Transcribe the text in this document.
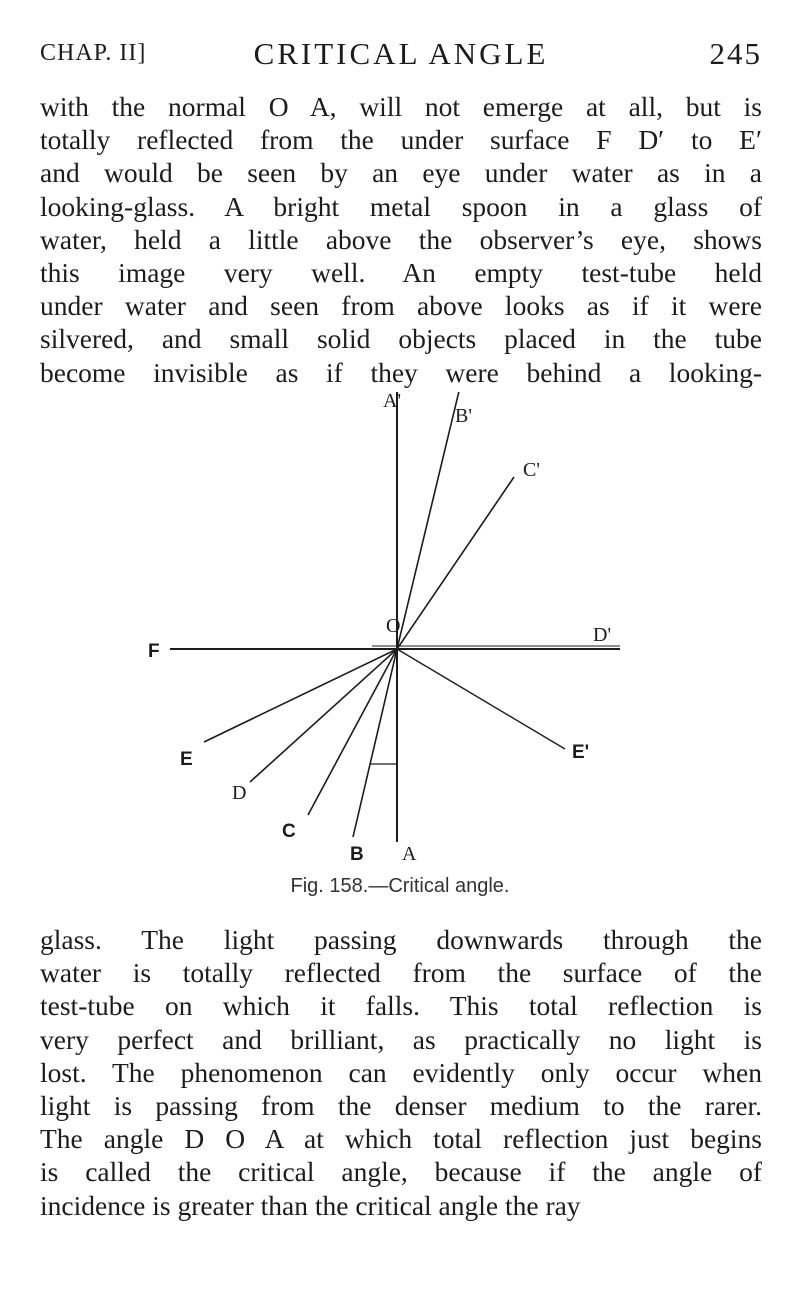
CHAP. II]	CRITICAL ANGLE	245
with the normal O A, will not emerge at all, but is
totally reflected from the under surface F D′ to E′
and would be seen by an eye under water as in a
looking-glass. A bright metal spoon in a glass of
water, held a little above the observer’s eye, shows
this image very well. An empty test-tube held
under water and seen from above looks as if it were
silvered, and small solid objects placed in the tube
become invisible as if they were behind a looking-
A'
B'
C'
O	D'
F
E	E'
D
C
B A
Fig. 158.—Critical angle.
glass. The light passing downwards through the
water is totally reflected from the surface of the
test-tube on which it falls. This total reflection is
very perfect and brilliant, as practically no light is
lost. The phenomenon can evidently only occur when
light is passing from the denser medium to the rarer.
The angle D O A at which total reflection just begins
is called the critical angle, because if the angle of
incidence is greater than the critical angle the ray
